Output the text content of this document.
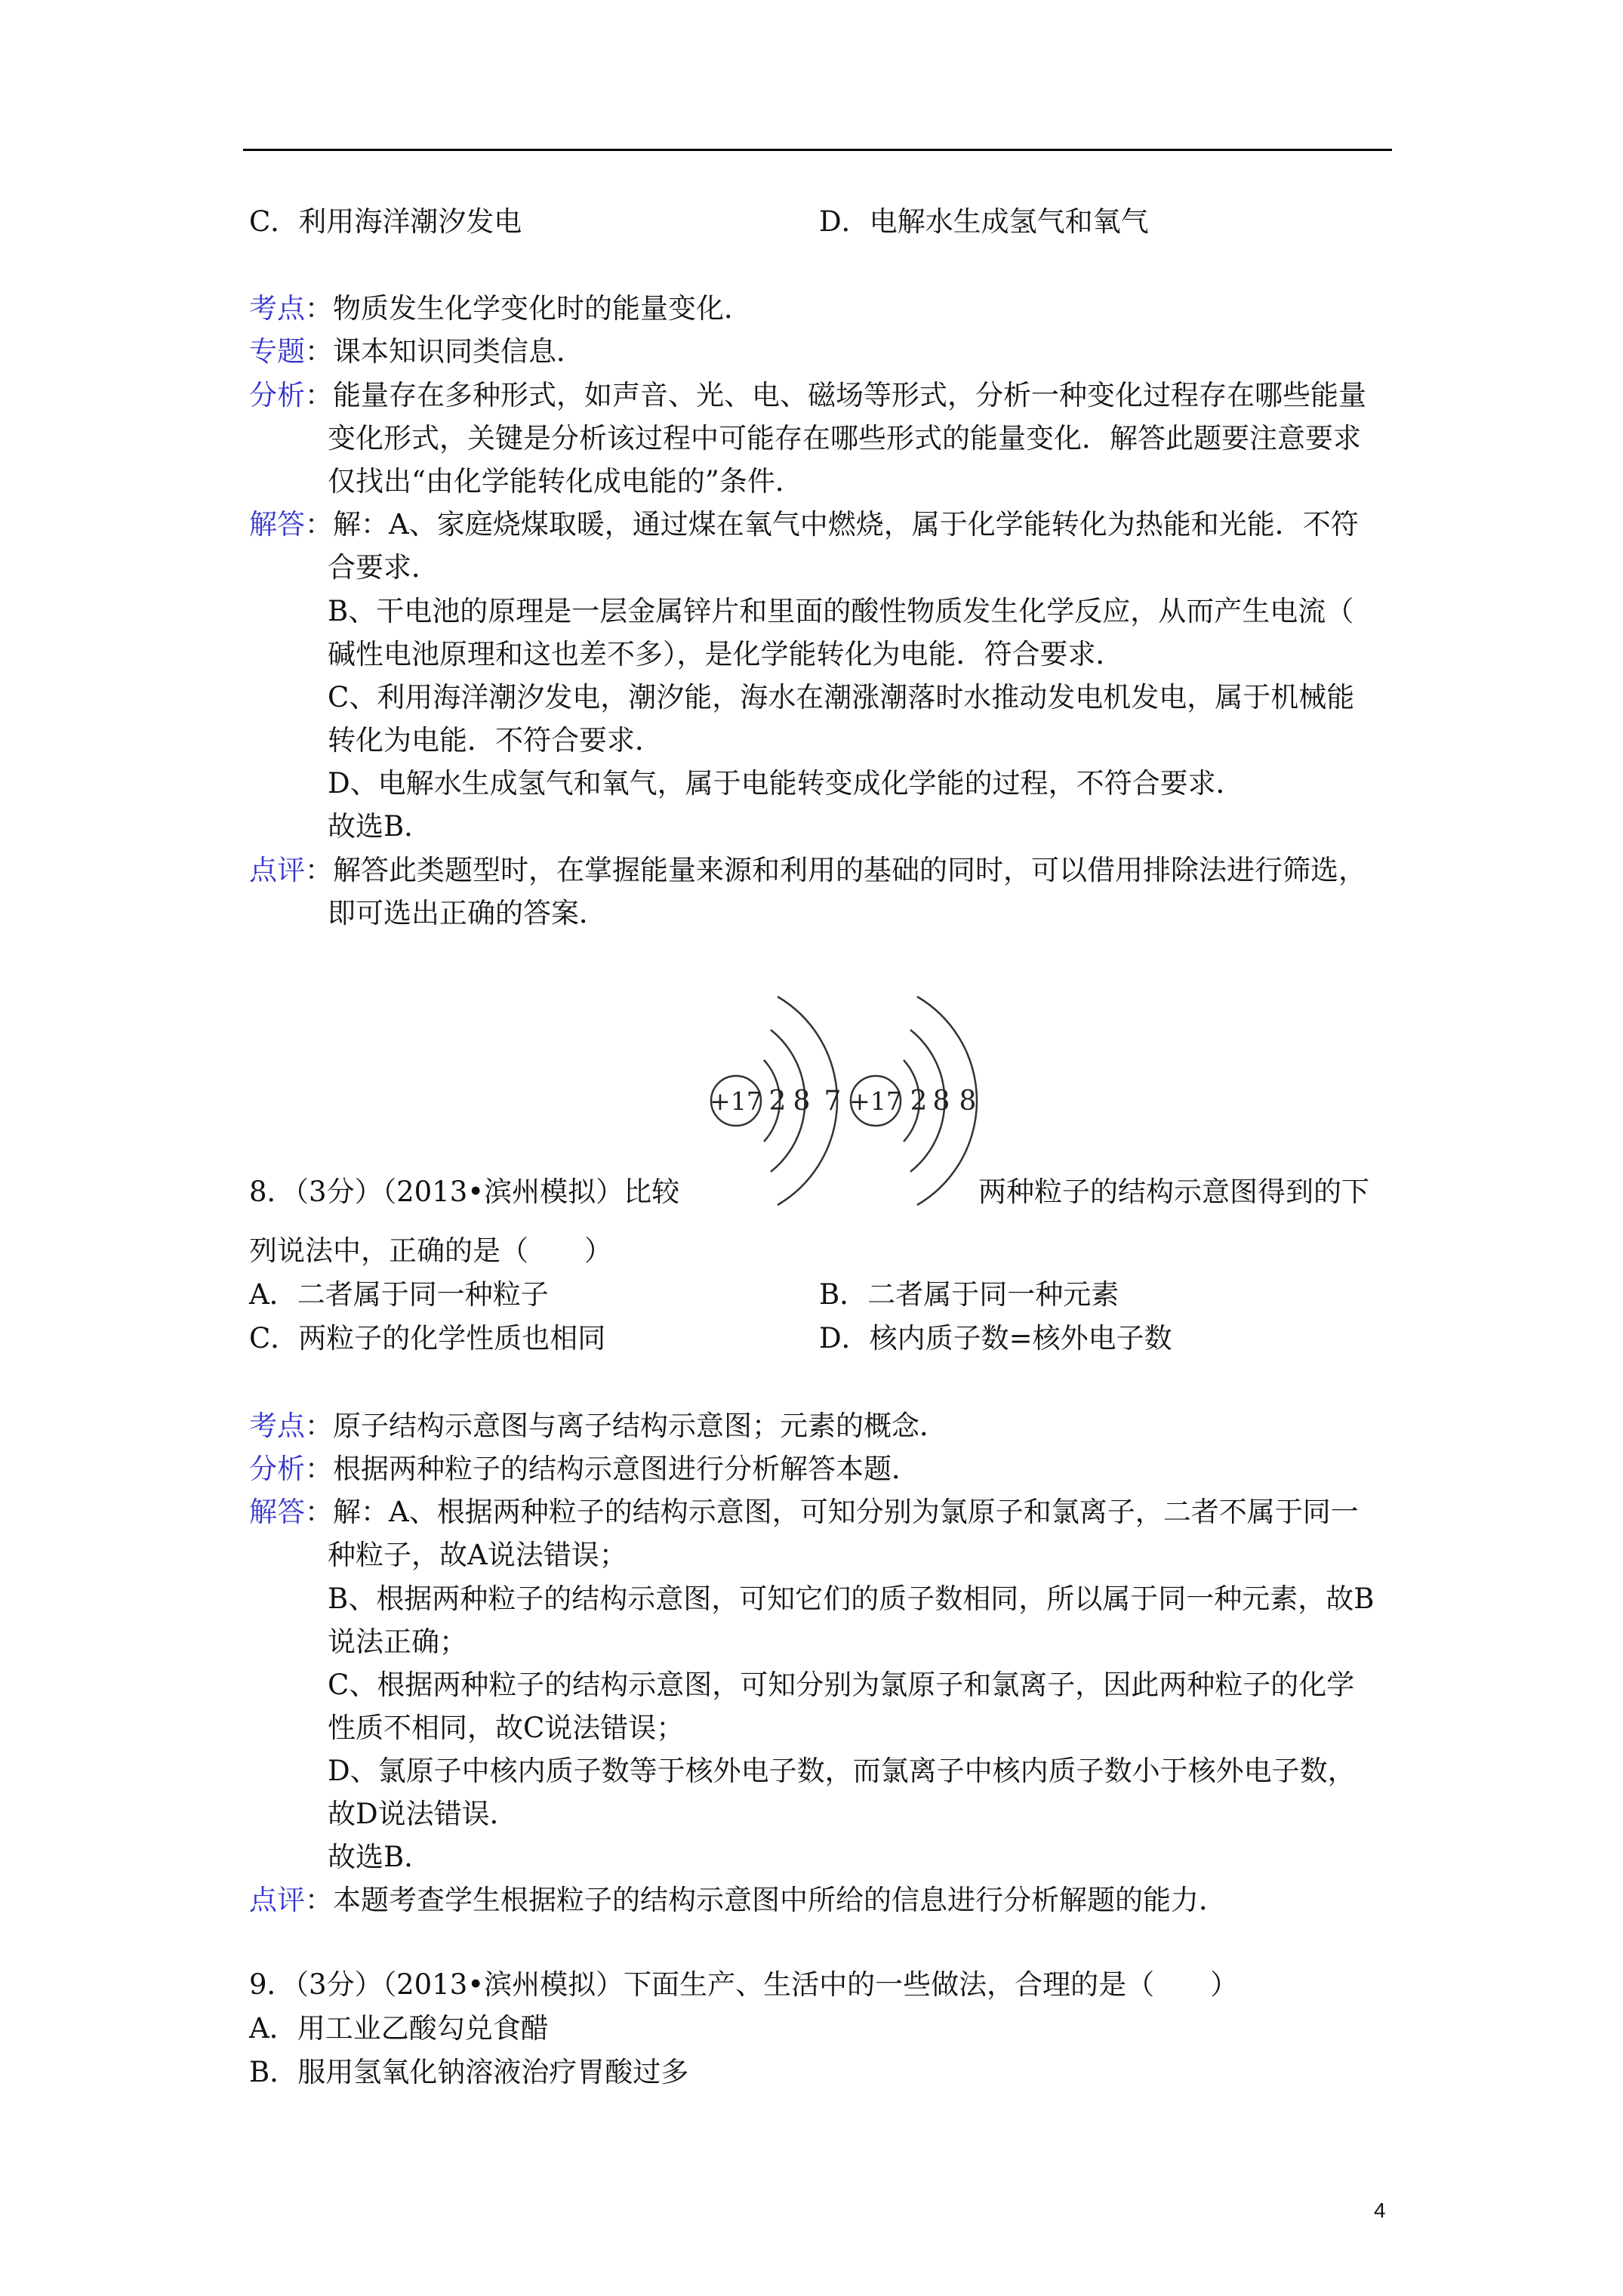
C．利用海洋潮汐发电	D．电解水生成氢气和氧气
考点：物质发生化学变化时的能量变化．
专题：课本知识同类信息．
分析：能量存在多种形式，如声音、光、电、磁场等形式，分析一种变化过程存在哪些能量
变化形式，关键是分析该过程中可能存在哪些形式的能量变化．解答此题要注意要求
仅找出“由化学能转化成电能的”条件．
解答：解：A、家庭烧煤取暖，通过煤在氧气中燃烧，属于化学能转化为热能和光能．不符
合要求．
B、干电池的原理是一层金属锌片和里面的酸性物质发生化学反应，从而产生电流（
碱性电池原理和这也差不多），是化学能转化为电能．符合要求．
C、利用海洋潮汐发电，潮汐能，海水在潮涨潮落时水推动发电机发电，属于机械能
转化为电能．不符合要求．
D、电解水生成氢气和氧气，属于电能转变成化学能的过程，不符合要求．
故选B．
点评：解答此类题型时，在掌握能量来源和利用的基础的同时，可以借用排除法进行筛选，
即可选出正确的答案．
+17 2 8 7 +17 2 8 8
8．（3分）（2013•滨州模拟）比较	两种粒子的结构示意图得到的下
列说法中，正确的是（　　）
A．二者属于同一种粒子	B．二者属于同一种元素
C．两粒子的化学性质也相同	D．核内质子数=核外电子数
考点：原子结构示意图与离子结构示意图；元素的概念．
分析：根据两种粒子的结构示意图进行分析解答本题．
解答：解：A、根据两种粒子的结构示意图，可知分别为氯原子和氯离子，二者不属于同一
种粒子，故A说法错误；
B、根据两种粒子的结构示意图，可知它们的质子数相同，所以属于同一种元素，故B
说法正确；
C、根据两种粒子的结构示意图，可知分别为氯原子和氯离子，因此两种粒子的化学
性质不相同，故C说法错误；
D、氯原子中核内质子数等于核外电子数，而氯离子中核内质子数小于核外电子数，
故D说法错误．
故选B．
点评：本题考查学生根据粒子的结构示意图中所给的信息进行分析解题的能力．
9．（3分）（2013•滨州模拟）下面生产、生活中的一些做法，合理的是（　　）
A．用工业乙酸勾兑食醋
B．服用氢氧化钠溶液治疗胃酸过多
4
